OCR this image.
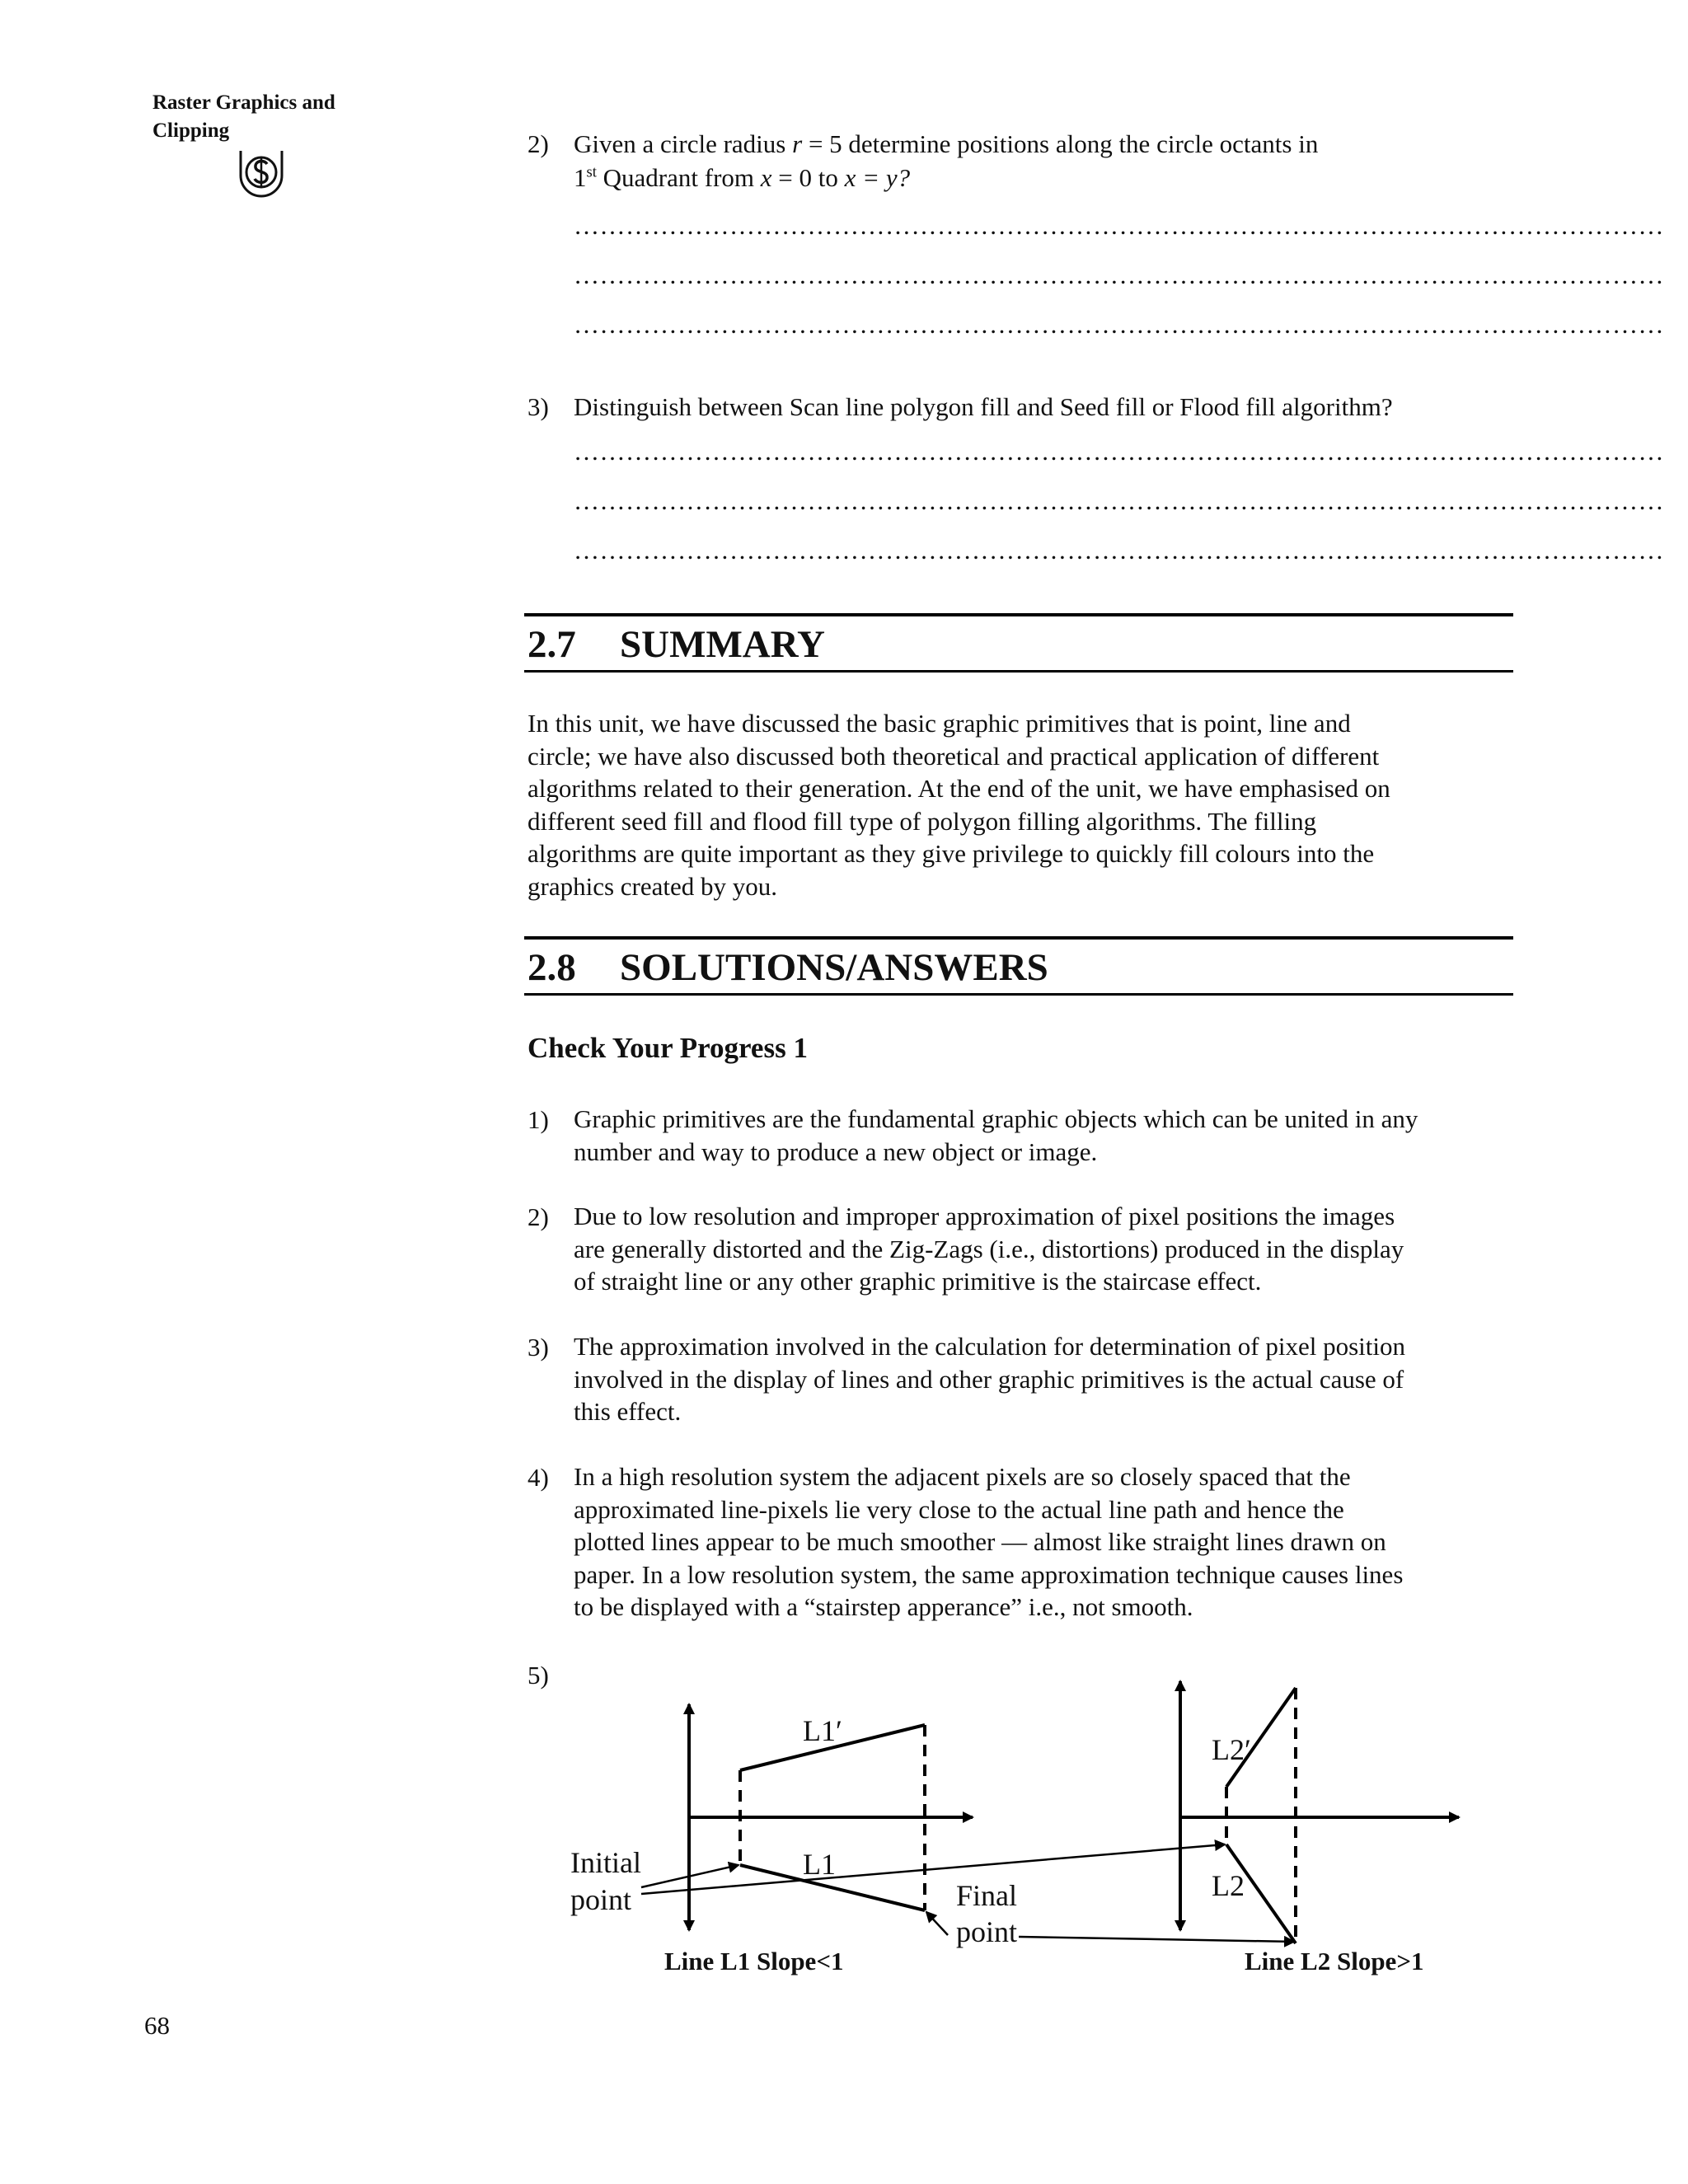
Raster Graphics and
Clipping	2) Given a circle radius r = 5 determine positions along the circle octants in
1st Quadrant from x = 0 to x = y?
………………………………………………………………………………………………………………
………………………………………………………………………………………………………………
………………………………………………………………………………………………………………
3) Distinguish between Scan line polygon fill and Seed fill or Flood fill algorithm?
………………………………………………………………………………………………………………
………………………………………………………………………………………………………………
………………………………………………………………………………………………………………
2.7 SUMMARY
In this unit, we have discussed the basic graphic primitives that is point, line and
circle; we have also discussed both theoretical and practical application of different
algorithms related to their generation. At the end of the unit, we have emphasised on
different seed fill and flood fill type of polygon filling algorithms. The filling
algorithms are quite important as they give privilege to quickly fill colours into the
graphics created by you.
2.8 SOLUTIONS/ANSWERS
Check Your Progress 1
1) Graphic primitives are the fundamental graphic objects which can be united in any
number and way to produce a new object or image.
2) Due to low resolution and improper approximation of pixel positions the images
are generally distorted and the Zig-Zags (i.e., distortions) produced in the display
of straight line or any other graphic primitive is the staircase effect.
3) The approximation involved in the calculation for determination of pixel position
involved in the display of lines and other graphic primitives is the actual cause of
this effect.
4) In a high resolution system the adjacent pixels are so closely spaced that the
approximated line-pixels lie very close to the actual line path and hence the
plotted lines appear to be much smoother — almost like straight lines drawn on
paper. In a low resolution system, the same approximation technique causes lines
to be displayed with a “stairstep apperance” i.e., not smooth.
5)
L1′
L1
L2′
L2
Initial
point	Final
point
Line L1 Slope<1	Line L2 Slope>1
68
